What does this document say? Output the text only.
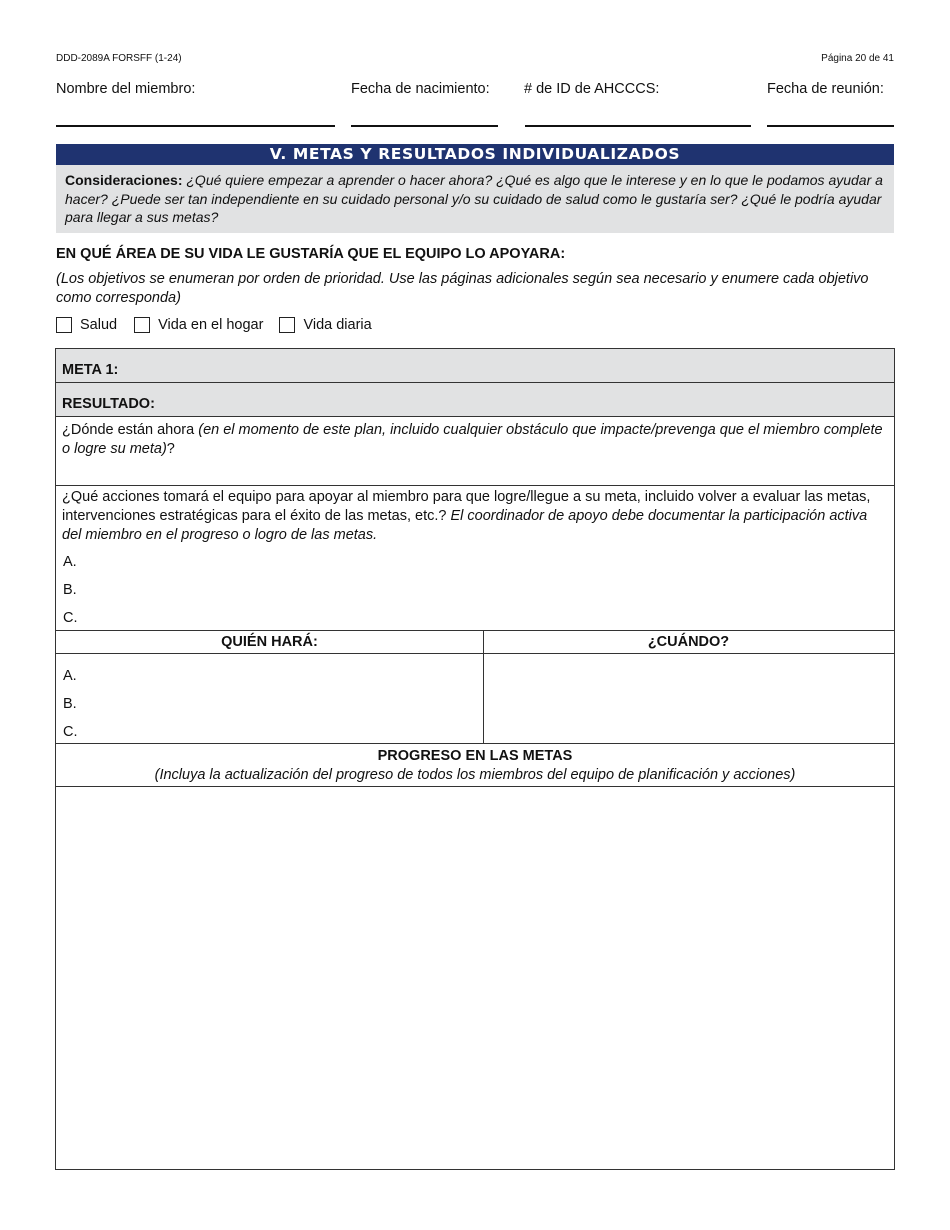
DDD-2089A FORSFF (1-24)	Página 20 de 41
Nombre del miembro:	Fecha de nacimiento: # de ID de AHCCCS:	Fecha de reunión:
V. METAS Y RESULTADOS INDIVIDUALIZADOS
Consideraciones: ¿Qué quiere empezar a aprender o hacer ahora? ¿Qué es algo que le interese y en lo que le podamos ayudar a hacer? ¿Puede ser tan independiente en su cuidado personal y/o su cuidado de salud como le gustaría ser? ¿Qué le podría ayudar para llegar a sus metas?
EN QUÉ ÁREA DE SU VIDA LE GUSTARÍA QUE EL EQUIPO LO APOYARA:
(Los objetivos se enumeran por orden de prioridad. Use las páginas adicionales según sea necesario y enumere cada objetivo como corresponda)
Salud	Vida en el hogar	Vida diaria
META 1:
RESULTADO:
¿Dónde están ahora (en el momento de este plan, incluido cualquier obstáculo que impacte/prevenga que el miembro complete o logre su meta)?
¿Qué acciones tomará el equipo para apoyar al miembro para que logre/llegue a su meta, incluido volver a evaluar las metas, intervenciones estratégicas para el éxito de las metas, etc.? El coordinador de apoyo debe documentar la participación activa del miembro en el progreso o logro de las metas.
A.
B.
C.
QUIÉN HARÁ:	¿CUÁNDO?
A.
B.
C.
PROGRESO EN LAS METAS
(Incluya la actualización del progreso de todos los miembros del equipo de planificación y acciones)
